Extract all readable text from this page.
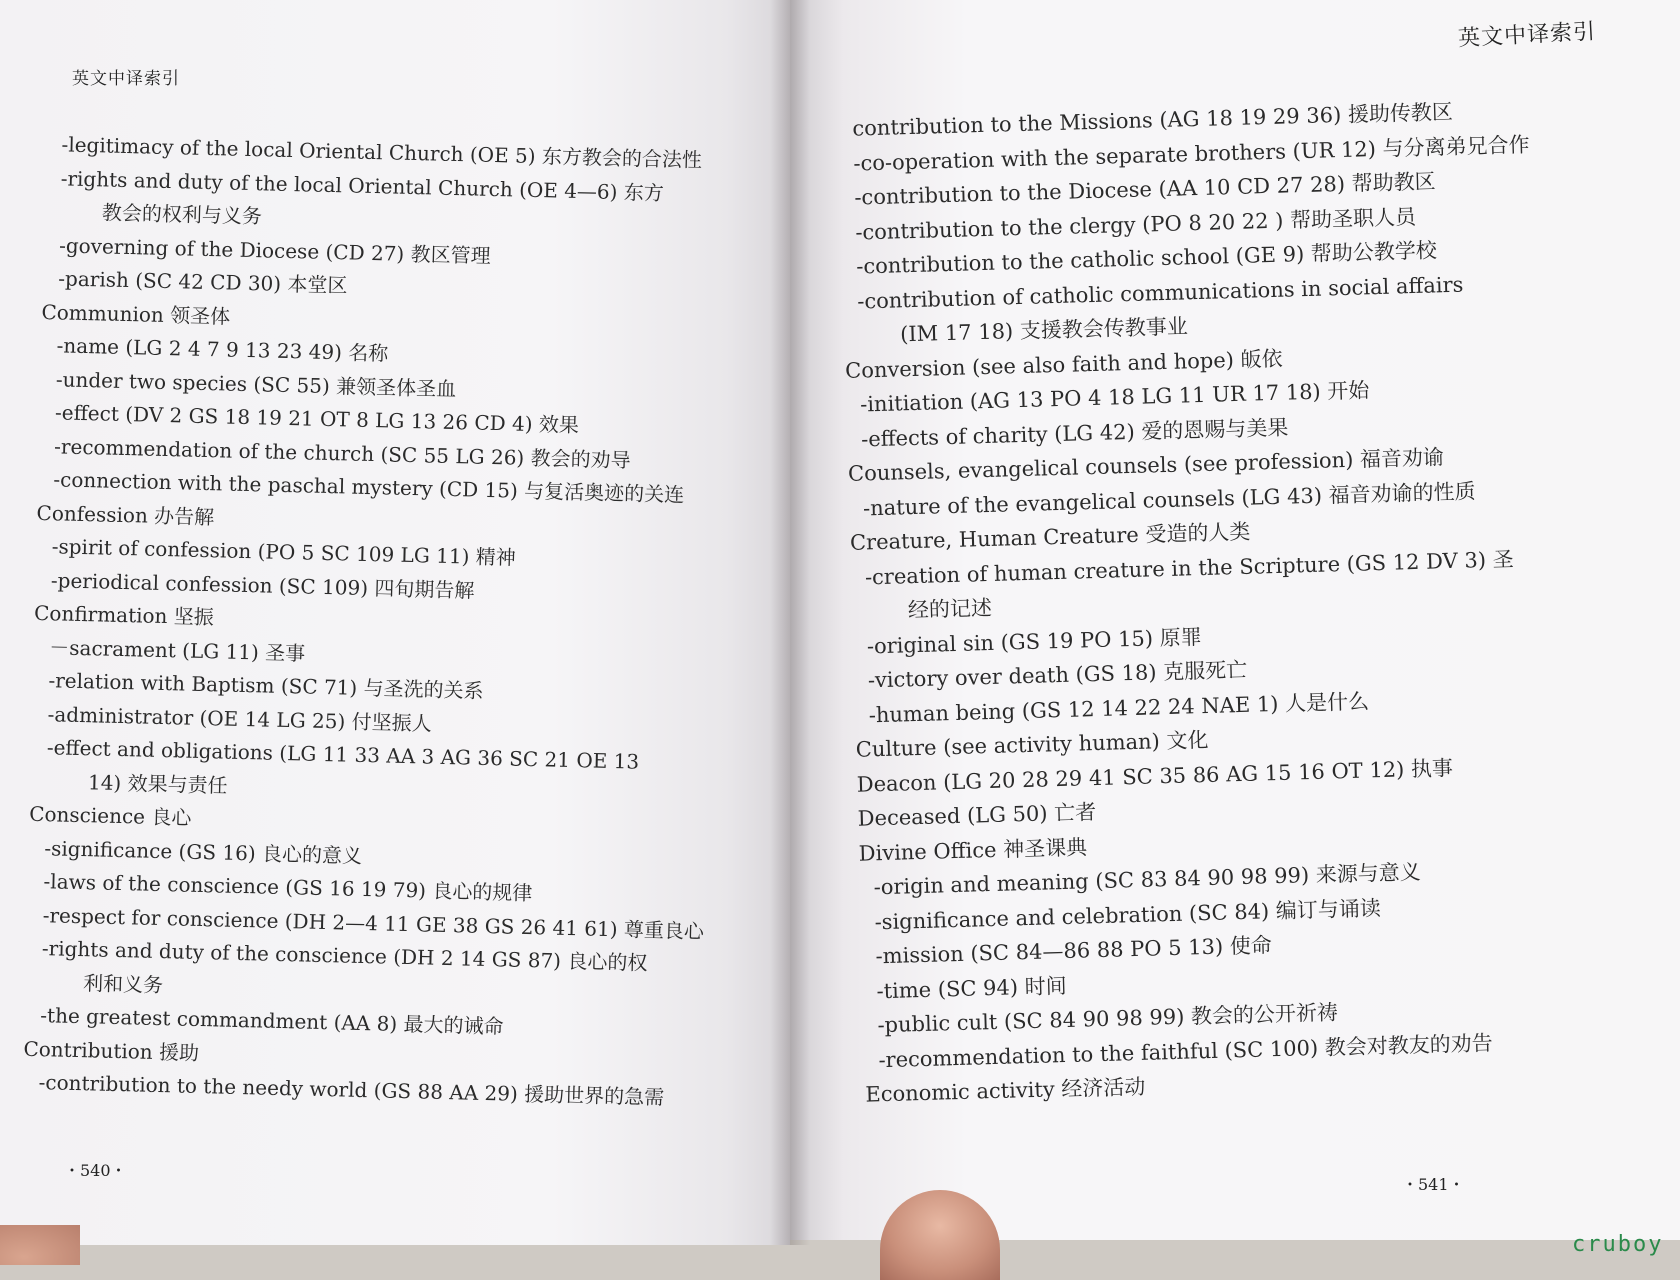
英文中译索引
-legitimacy of the local Oriental Church (OE 5) 东方教会的合法性
-rights and duty of the local Oriental Church (OE 4—6) 东方
教会的权利与义务
-governing of the Diocese (CD 27) 教区管理
-parish (SC 42 CD 30) 本堂区
Communion 领圣体
-name (LG 2 4 7 9 13 23 49) 名称
-under two species (SC 55) 兼领圣体圣血
-effect (DV 2 GS 18 19 21 OT 8 LG 13 26 CD 4) 效果
-recommendation of the church (SC 55 LG 26) 教会的劝导
-connection with the paschal mystery (CD 15) 与复活奥迹的关连
Confession 办告解
-spirit of confession (PO 5 SC 109 LG 11) 精神
-periodical confession (SC 109) 四旬期告解
Confirmation 坚振
－sacrament (LG 11) 圣事
-relation with Baptism (SC 71) 与圣洗的关系
-administrator (OE 14 LG 25) 付坚振人
-effect and obligations (LG 11 33 AA 3 AG 36 SC 21 OE 13
14) 效果与责任
Conscience 良心
-significance (GS 16) 良心的意义
-laws of the conscience (GS 16 19 79) 良心的规律
-respect for conscience (DH 2—4 11 GE 38 GS 26 41 61) 尊重良心
-rights and duty of the conscience (DH 2 14 GS 87) 良心的权
利和义务
-the greatest commandment (AA 8) 最大的诫命
Contribution 援助
-contribution to the needy world (GS 88 AA 29) 援助世界的急需
・540・
英文中译索引
・541・
contribution to the Missions (AG 18 19 29 36) 援助传教区
-co-operation with the separate brothers (UR 12) 与分离弟兄合作
-contribution to the Diocese (AA 10 CD 27 28) 帮助教区
-contribution to the clergy (PO 8 20 22 ) 帮助圣职人员
-contribution to the catholic school (GE 9) 帮助公教学校
-contribution of catholic communications in social affairs
(IM 17 18) 支援教会传教事业
Conversion (see also faith and hope) 皈依
-initiation (AG 13 PO 4 18 LG 11 UR 17 18) 开始
-effects of charity (LG 42) 爱的恩赐与美果
Counsels, evangelical counsels (see profession) 福音劝谕
-nature of the evangelical counsels (LG 43) 福音劝谕的性质
Creature, Human Creature 受造的人类
-creation of human creature in the Scripture (GS 12 DV 3) 圣
经的记述
-original sin (GS 19 PO 15) 原罪
-victory over death (GS 18) 克服死亡
-human being (GS 12 14 22 24 NAE 1) 人是什么
Culture (see activity human) 文化
Deacon (LG 20 28 29 41 SC 35 86 AG 15 16 OT 12) 执事
Deceased (LG 50) 亡者
Divine Office 神圣课典
-origin and meaning (SC 83 84 90 98 99) 来源与意义
-significance and celebration (SC 84) 编订与诵读
-mission (SC 84—86 88 PO 5 13) 使命
-time (SC 94) 时间
-public cult (SC 84 90 98 99) 教会的公开祈祷
-recommendation to the faithful (SC 100) 教会对教友的劝告
Economic activity 经济活动
cruboy
